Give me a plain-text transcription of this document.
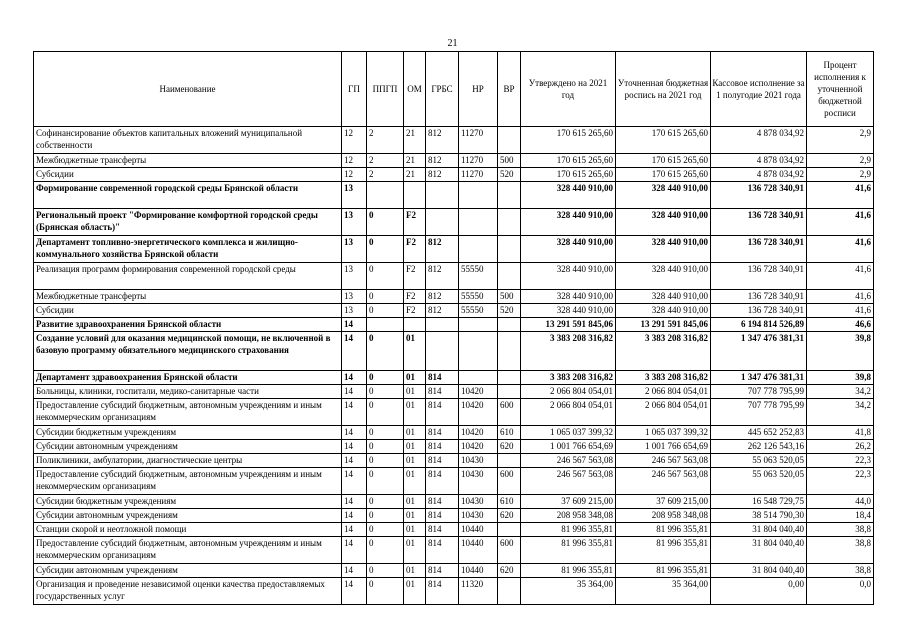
21
Наименование	ГП	ППГП	ОМ	ГРБС	НР	ВР	Утверждено на 2021 год	Уточненная бюджетная роспись на 2021 год	Кассовое исполнение за 1 полугодие 2021 года	Процент исполнения к уточненной бюджетной росписи
Софинансирование объектов капитальных вложений муниципальной собственности	12	2	21	812	11270		170 615 265,60	170 615 265,60	4 878 034,92	2,9
Межбюджетные трансферты	12	2	21	812	11270	500	170 615 265,60	170 615 265,60	4 878 034,92	2,9
Субсидии	12	2	21	812	11270	520	170 615 265,60	170 615 265,60	4 878 034,92	2,9
Формирование современной городской среды Брянской области	13						328 440 910,00	328 440 910,00	136 728 340,91	41,6
Региональный проект "Формирование комфортной городской среды (Брянская область)"	13	0	F2				328 440 910,00	328 440 910,00	136 728 340,91	41,6
Департамент топливно-энергетического комплекса и жилищно-коммунального хозяйства Брянской области	13	0	F2	812			328 440 910,00	328 440 910,00	136 728 340,91	41,6
Реализация программ формирования современной городской среды	13	0	F2	812	55550		328 440 910,00	328 440 910,00	136 728 340,91	41,6
Межбюджетные трансферты	13	0	F2	812	55550	500	328 440 910,00	328 440 910,00	136 728 340,91	41,6
Субсидии	13	0	F2	812	55550	520	328 440 910,00	328 440 910,00	136 728 340,91	41,6
Развитие здравоохранения Брянской области	14						13 291 591 845,06	13 291 591 845,06	6 194 814 526,89	46,6
Создание условий для оказания медицинской помощи, не включенной в базовую программу обязательного медицинского страхования	14	0	01				3 383 208 316,82	3 383 208 316,82	1 347 476 381,31	39,8
Департамент здравоохранения Брянской области	14	0	01	814			3 383 208 316,82	3 383 208 316,82	1 347 476 381,31	39,8
Больницы, клиники, госпитали, медико-санитарные части	14	0	01	814	10420		2 066 804 054,01	2 066 804 054,01	707 778 795,99	34,2
Предоставление субсидий бюджетным, автономным учреждениям и иным некоммерческим организациям	14	0	01	814	10420	600	2 066 804 054,01	2 066 804 054,01	707 778 795,99	34,2
Субсидии бюджетным учреждениям	14	0	01	814	10420	610	1 065 037 399,32	1 065 037 399,32	445 652 252,83	41,8
Субсидии автономным учреждениям	14	0	01	814	10420	620	1 001 766 654,69	1 001 766 654,69	262 126 543,16	26,2
Поликлиники, амбулатории, диагностические центры	14	0	01	814	10430		246 567 563,08	246 567 563,08	55 063 520,05	22,3
Предоставление субсидий бюджетным, автономным учреждениям и иным некоммерческим организациям	14	0	01	814	10430	600	246 567 563,08	246 567 563,08	55 063 520,05	22,3
Субсидии бюджетным учреждениям	14	0	01	814	10430	610	37 609 215,00	37 609 215,00	16 548 729,75	44,0
Субсидии автономным учреждениям	14	0	01	814	10430	620	208 958 348,08	208 958 348,08	38 514 790,30	18,4
Станции скорой и неотложной помощи	14	0	01	814	10440		81 996 355,81	81 996 355,81	31 804 040,40	38,8
Предоставление субсидий бюджетным, автономным учреждениям и иным некоммерческим организациям	14	0	01	814	10440	600	81 996 355,81	81 996 355,81	31 804 040,40	38,8
Субсидии автономным учреждениям	14	0	01	814	10440	620	81 996 355,81	81 996 355,81	31 804 040,40	38,8
Организация и проведение независимой оценки качества предоставляемых государственных услуг	14	0	01	814	11320		35 364,00	35 364,00	0,00	0,0
